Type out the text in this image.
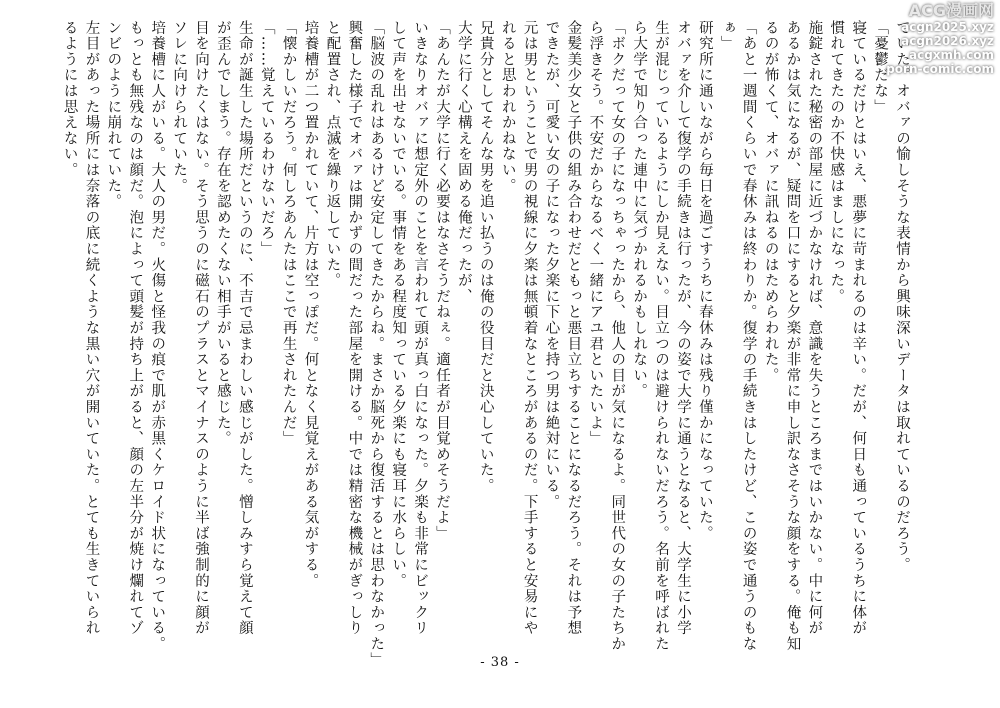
ていた。オバァの愉しそうな表情から興味深いデータは取れているのだろう。

「憂鬱だな」

寝ているだけとはいえ、悪夢に苛まれるのは辛い。だが、何日も通っているうちに体が

慣れてきたのか不快感はましになった。

施錠された秘密の部屋に近づかなければ、意識を失うところまではいかない。中に何が

あるかは気になるが、疑問を口にすると夕楽が非常に申し訳なさそうな顔をする。俺も知

るのが怖くて、オバァに訊ねるのはためらわれた。

「あと一週間くらいで春休みは終わりか。復学の手続きはしたけど、この姿で通うのもな

ぁ」

研究所に通いながら毎日を過ごすうちに春休みは残り僅かになっていた。

オバァを介して復学の手続きは行ったが、今の姿で大学に通うとなると、大学生に小学

生が混じっているようにしか見えない。目立つのは避けられないだろう。名前を呼ばれた

ら大学で知り合った連中に気づかれるかもしれない。

「ボクだって女の子になっちゃったから、他人の目が気になるよ。同世代の女の子たちか

ら浮きそう。不安だからなるべく一緒にアユ君といたいよ」

金髪美少女と子供の組み合わせだともっと悪目立ちすることになるだろう。それは予想

できたが、可愛い女の子になった夕楽に下心を持つ男は絶対にいる。

元は男ということで男の視線に夕楽は無頓着なところがあるのだ。下手すると安易にや

れると思われかねない。

兄貴分としてそんな男を追い払うのは俺の役目だと決心していた。

大学に行く心構えを固める俺だったが、

「あんたが大学に行く必要はなさそうだねぇ。適任者が目覚めそうだよ」

いきなりオバァに想定外のことを言われて頭が真っ白になった。夕楽も非常にビックリ

して声を出せないでいる。事情をある程度知っている夕楽にも寝耳に水らしい。

「脳波の乱れはあるけど安定してきたからね。まさか脳死から復活するとは思わなかった」

興奮した様子でオバァは開かずの間だった部屋を開ける。中では精密な機械がぎっしり

と配置され、点滅を繰り返していた。

培養槽が二つ置かれていて、片方は空っぽだ。何となく見覚えがある気がする。

「懐かしいだろう。何しろあんたはここで再生されたんだ」

「……覚えているわけないだろ」

生命が誕生した場所だというのに、不吉で忌まわしい感じがした。憎しみすら覚えて顔

が歪んでしまう。存在を認めたくない相手がいると感じた。

目を向けたくはない。そう思うのに磁石のプラスとマイナスのように半ば強制的に顔が

ソレに向けられていた。

培養槽に人がいる。大人の男だ。火傷と怪我の痕で肌が赤黒くケロイド状になっている。

もっとも無残なのは顔だ。泡によって頭髪が持ち上がると、顔の左半分が焼け爛れてゾ

ンビのように崩れていた。

左目があった場所には奈落の底に続くような黒い穴が開いていた。とても生きていられ

るようには思えない。

- 38 -
ACG漫画网
acgn2025.xyz
acgn2026.xyz
acgxmh.com
porn-comic.com
